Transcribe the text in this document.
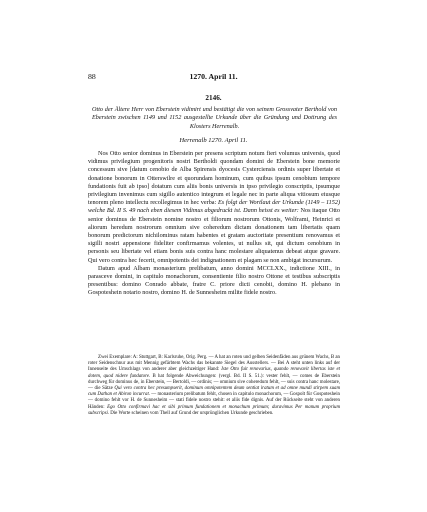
88	1270. April 11.
2146.
Otto der Ältere Herr von Eberstein vidimirt und bestätigt die von seinem Grossvater Berthold von Eberstein zwischen 1149 und 1152 ausgestellte Urkunde über die Gründung und Dotirung des Klosters Herrenalb.
Herrenalb 1270. April 11.

Nos Otto senior dominus in Eberstein per presens scriptum notum fieri volumus universis, quod vidimus privilegium progenitoris nostri Bertholdi quondam domini de Eberstein bone memorie concessum sive [datum cenobio de Alba Spirensis dyocesis Cysterciensis ordinis super libertate et donatione bonorum in Otterswilre et quorundam hominum, cum quibus ipsum cenobium tempore fundationis fuit ab ipso] dotatum cum aliis bonis universis in ipso privilegio conscriptis, ipsumque privilegium invenimus cum sigillo autentico integrum et legale nec in parte aliqua vitiosum eiusque tenorem pleno intellectu recollegimus in hec verba: Es folgt der Wortlaut der Urkunde (1149 – 1152) welche Bd. II S. 49 nach eben diesem Vidimus abgedruckt ist. Dann heisst es weiter: Nos itaque Otto senior dominus de Eberstein nomine nostro et filiorum nostrorum Ottonis, Wolframi, Heinrici et aliorum heredum nostrorum omnium sive coheredum dictam donationem tam libertatis quam bonorum predictorum nichilominus ratam habentes et gratam auctoritate presentium renovamus et sigilli nostri appensione fideliter confirmamus volentes, ut nullus sit, qui dictum cenobium in personis seu libertate vel etiam bonis suis contra hanc molestare aliquatenus debeat atque gravare. Qui vero contra hec fecerit, omnipotentis dei indignationem et plagam se non ambigat incursurum.

Datum apud Albam monasterium prelibatum, anno domini MCCLXX., indictione XIII., in parasceve domini, in capitulo monachorum, consentiente filio nostro Ottone et testibus subscriptis presentibus: domino Conrado abbate, fratre C. priore dicti cenobii, domino H. plebano in Gospoteshein notario nostro, domino H. de Sunnesheim milite fidele nostro.

Zwei Exemplare: A: Stuttgart, B: Karlsruhe, Orig. Perg. — A hat an roten und gelben Seidenfäden aus grünem Wachs, B an roter Seidenschnur aus mit Mennig gefärbtem Wachs das bekannte Siegel des Ausstellers. — Bei A steht unten links auf der Innenseite des Umschlags von anderer aber gleichzeitiger Hand: Iste Otto fuit renovarius, quando renovavit libertas iste et dotem, quod nidere fundatore. B hat folgende Abweichungen: (vergl. Bd. II S. 51.): vester fehlt, — comes de Eberstein durchweg für dominus de, in Eberstein, — Bertoldi, — ordinis; — omnium sive coheredum fehlt, — suis contra hanc molestare, — die Sätze Qui vero contra hec presumpserit, dominum omnipotentem deum sentiat iratum et ad omne mundi stirpem suam cum Dathan et Abiron incurrat. — monasterium prelibatum fehlt, chosen in capitulo monachorum, — Gospolt für Gospoteshein — domino fehlt vor H. de Sunnesheim — stati fidele nostro stehit: et aliis fide dignis. Auf der Rückseite steht von anderen Händen: Ego Otto confirmavi hac et sibi primum fundationem et monachum primum; duravimus Per manum proprium subscripsi. Die Worte scheinen vom Thell auf Grund der ursprünglichen Urkunde geschrieben.
